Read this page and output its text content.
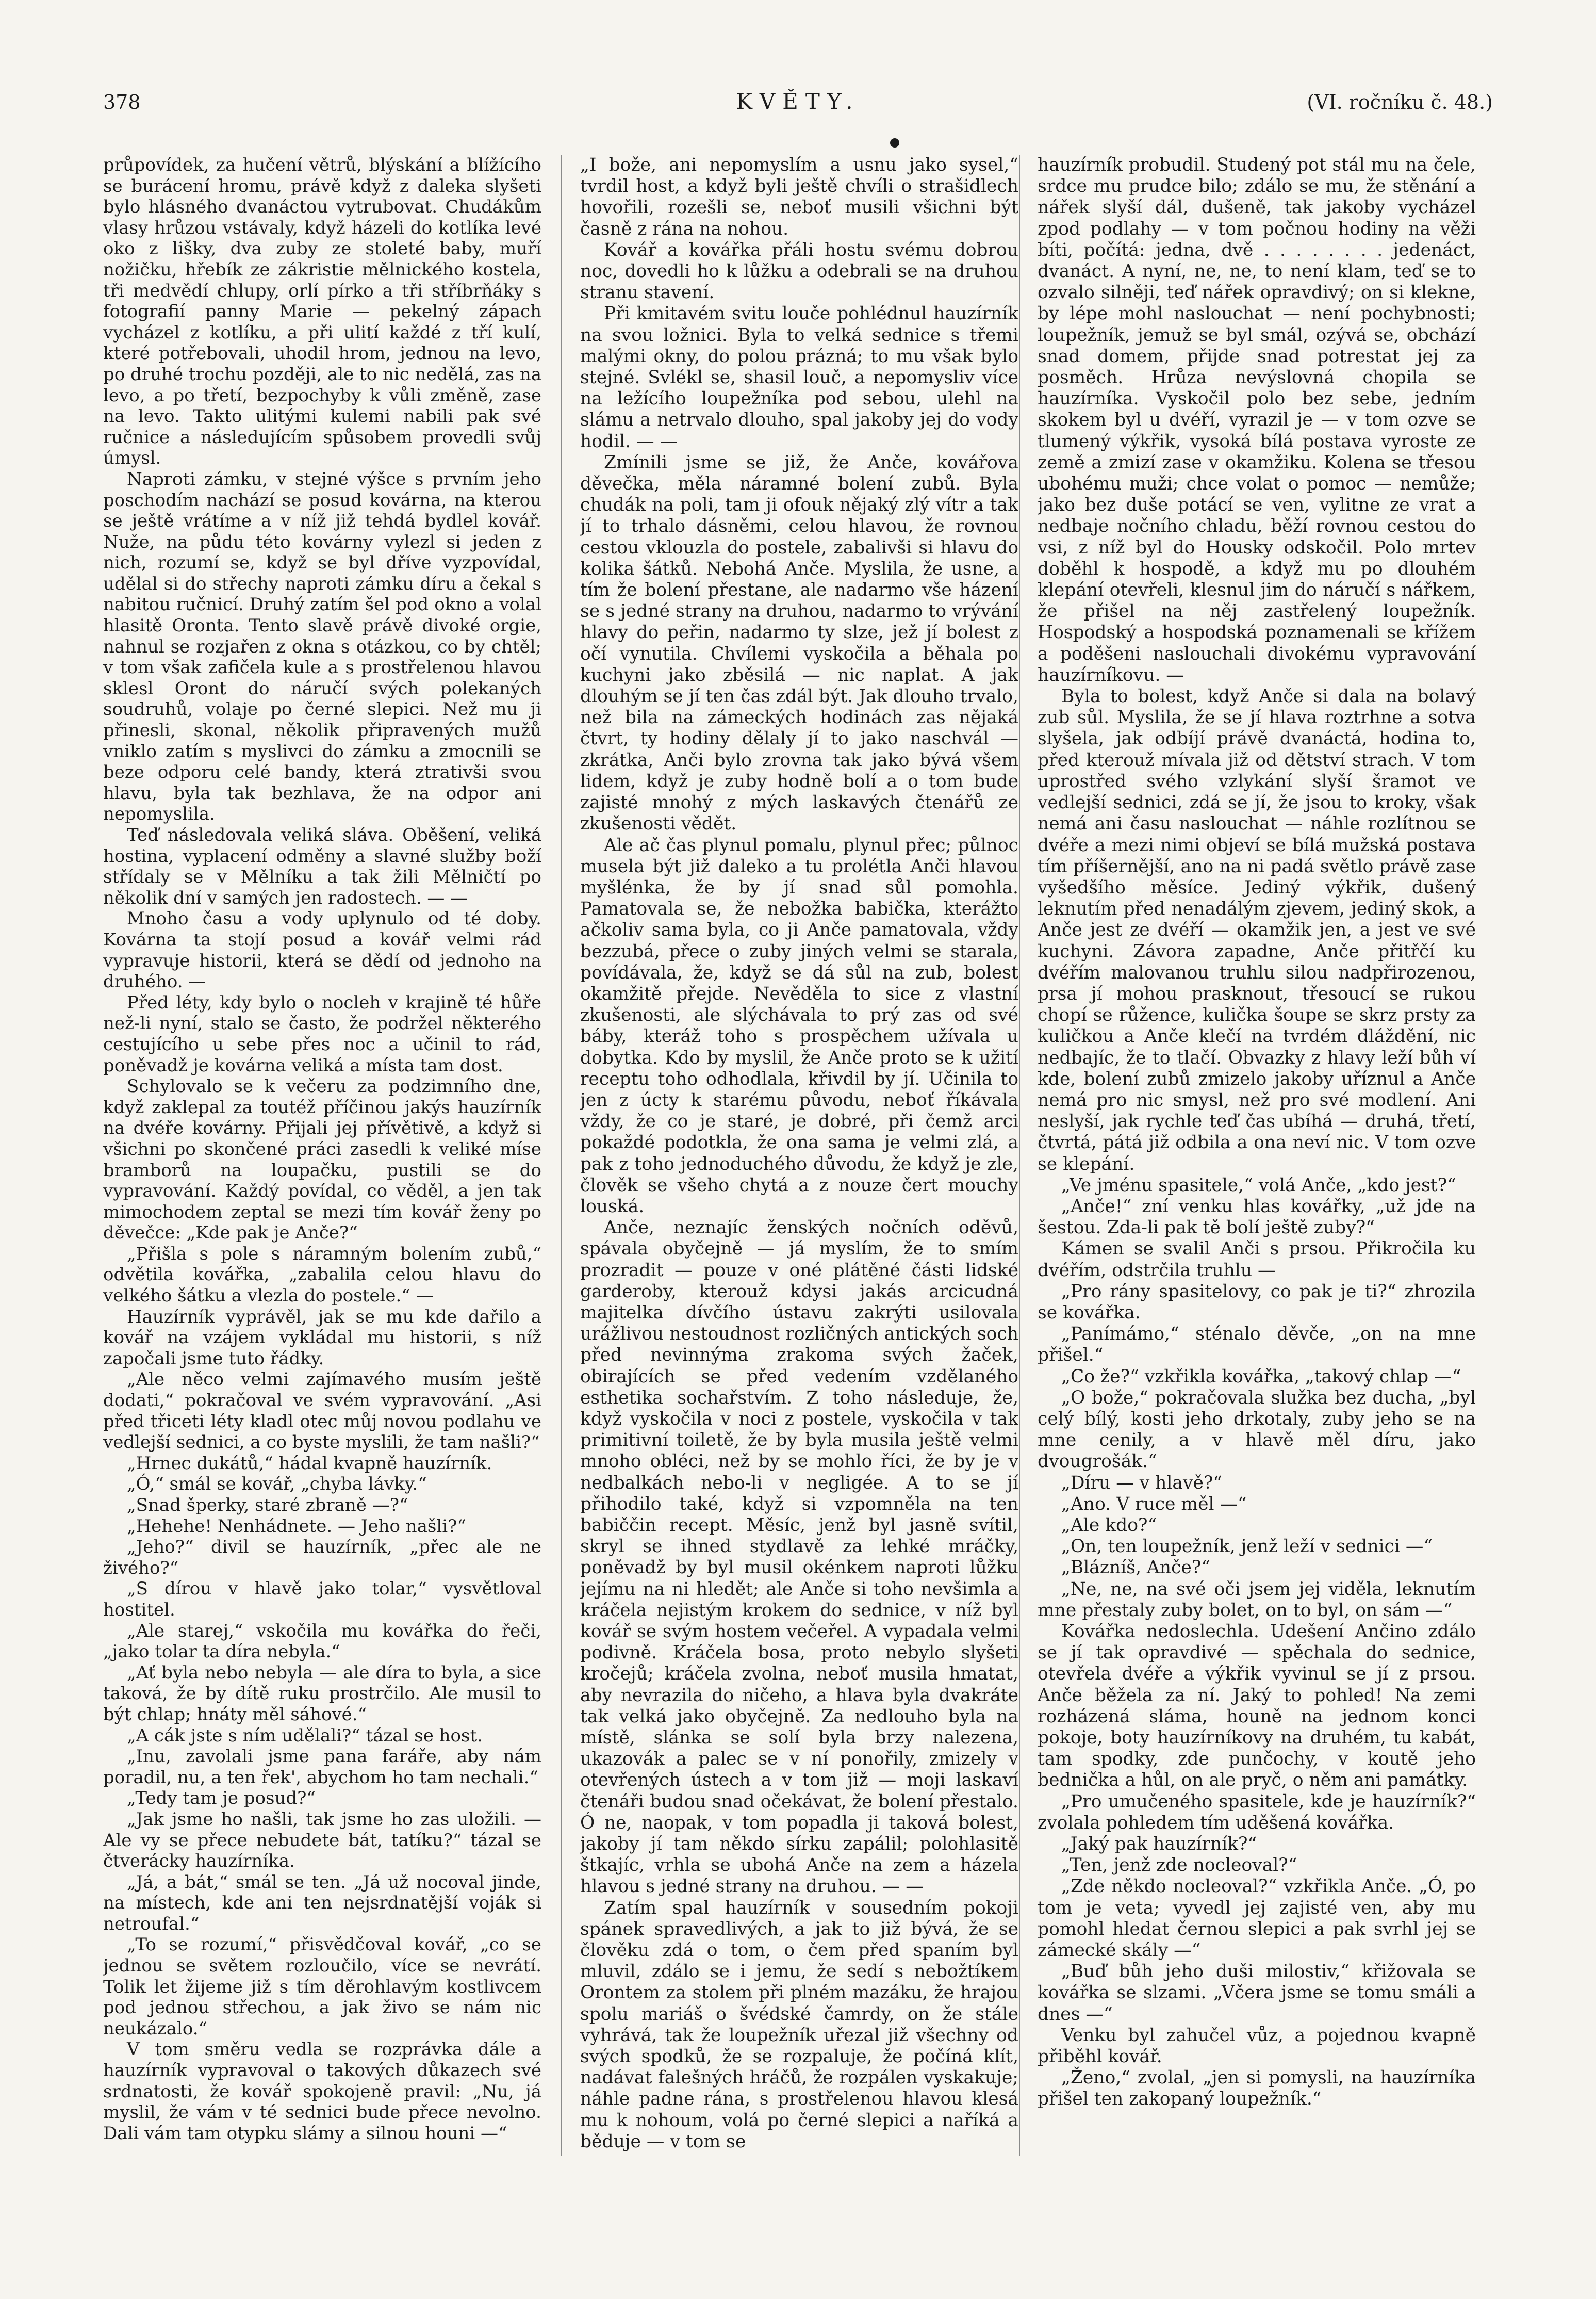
378	KVĚTY.	(VI. ročníku č. 48.)

průpovídek, za hučení větrů, blýskání a blížícího se burácení hromu, právě když z daleka slyšeti bylo hlásného dvanáctou vytrubovat. Chudákům vlasy hrůzou vstávaly, když házeli do kotlíka levé oko z lišky, dva zuby ze stoleté baby, muří nožičku, hřebík ze zákristie mělnického kostela, tři medvědí chlupy, orlí pírko a tři stříbrňáky s fotografií panny Marie — pekelný zápach vycházel z kotlíku, a při ulití každé z tří kulí, které potřebovali, uhodil hrom, jednou na levo, po druhé trochu později, ale to nic nedělá, zas na levo, a po třetí, bezpochyby k vůli změně, zase na levo. Takto ulitými kulemi nabili pak své ručnice a následujícím spůsobem provedli svůj úmysl.

Naproti zámku, v stejné výšce s prvním jeho poschodím nachází se posud kovárna, na kterou se ještě vrátíme a v níž již tehdá bydlel kovář. Nuže, na půdu této kovárny vylezl si jeden z nich, rozumí se, když se byl dříve vyzpovídal, udělal si do střechy naproti zámku díru a čekal s nabitou ručnicí. Druhý zatím šel pod okno a volal hlasitě Oronta. Tento slavě právě divoké orgie, nahnul se rozjařen z okna s otázkou, co by chtěl; v tom však zafičela kule a s prostřelenou hlavou sklesl Oront do náručí svých polekaných soudruhů, volaje po černé slepici. Než mu ji přinesli, skonal, několik připravených mužů vniklo zatím s myslivci do zámku a zmocnili se beze odporu celé bandy, která ztrativši svou hlavu, byla tak bezhlava, že na odpor ani nepomyslila.

Teď následovala veliká sláva. Oběšení, veliká hostina, vyplacení odměny a slavné služby boží střídaly se v Mělníku a tak žili Mělničtí po několik dní v samých jen radostech. — —

Mnoho času a vody uplynulo od té doby. Kovárna ta stojí posud a kovář velmi rád vypravuje historii, která se dědí od jednoho na druhého. —

Před léty, kdy bylo o nocleh v krajině té hůře než-li nyní, stalo se často, že podržel některého cestujícího u sebe přes noc a učinil to rád, poněvadž je kovárna veliká a místa tam dost.

Schylovalo se k večeru za podzimního dne, když zaklepal za toutéž příčinou jakýs hauzírník na dvéře kovárny. Přijali jej přívětivě, a když si všichni po skončené práci zasedli k veliké míse bramborů na loupačku, pustili se do vypravování. Každý povídal, co věděl, a jen tak mimochodem zeptal se mezi tím kovář ženy po děvečce: „Kde pak je Anče?“

„Přišla s pole s náramným bolením zubů,“ odvětila kovářka, „zabalila celou hlavu do velkého šátku a vlezla do postele.“ —

Hauzírník vyprávěl, jak se mu kde dařilo a kovář na vzájem vykládal mu historii, s níž započali jsme tuto řádky.

„Ale něco velmi zajímavého musím ještě dodati,“ pokračoval ve svém vypravování. „Asi před třiceti léty kladl otec můj novou podlahu ve vedlejší sednici, a co byste myslili, že tam našli?“

„Hrnec dukátů,“ hádal kvapně hauzírník.

„Ó,“ smál se kovář, „chyba lávky.“

„Snad šperky, staré zbraně —?“

„Hehehe! Nenhádnete. — Jeho našli?“

„Jeho?“ divil se hauzírník, „přec ale ne živého?“

„S dírou v hlavě jako tolar,“ vysvětloval hostitel.

„Ale starej,“ vskočila mu kovářka do řeči, „jako tolar ta díra nebyla.“

„Ať byla nebo nebyla — ale díra to byla, a sice taková, že by dítě ruku prostrčilo. Ale musil to být chlap; hnáty měl sáhové.“

„A cák jste s ním udělali?“ tázal se host.

„Inu, zavolali jsme pana faráře, aby nám poradil, nu, a ten řek', abychom ho tam nechali.“

„Tedy tam je posud?“

„Jak jsme ho našli, tak jsme ho zas uložili. — Ale vy se přece nebudete bát, tatíku?“ tázal se čtverácky hauzírníka.

„Já, a bát,“ smál se ten. „Já už nocoval jinde, na místech, kde ani ten nejsrdnatější voják si netroufal.“

„To se rozumí,“ přisvědčoval kovář, „co se jednou se světem rozloučilo, více se nevrátí. Tolik let žijeme již s tím děrohlavým kostlivcem pod jednou střechou, a jak živo se nám nic neukázalo.“

V tom směru vedla se rozprávka dále a hauzírník vypravoval o takových důkazech své srdnatosti, že kovář spokojeně pravil: „Nu, já myslil, že vám v té sednici bude přece nevolno. Dali vám tam otypku slámy a silnou houni —“

„I bože, ani nepomyslím a usnu jako sysel,“ tvrdil host, a když byli ještě chvíli o strašidlech hovořili, rozešli se, neboť musili všichni být časně z rána na nohou.

Kovář a kovářka přáli hostu svému dobrou noc, dovedli ho k lůžku a odebrali se na druhou stranu stavení.

Při kmitavém svitu louče pohlédnul hauzírník na svou ložnici. Byla to velká sednice s třemi malými okny, do polou prázná; to mu však bylo stejné. Svlékl se, shasil louč, a nepomysliv více na ležícího loupežníka pod sebou, ulehl na slámu a netrvalo dlouho, spal jakoby jej do vody hodil. — —

Zmínili jsme se již, že Anče, kovářova děvečka, měla náramné bolení zubů. Byla chudák na poli, tam ji ofouk nějaký zlý vítr a tak jí to trhalo dásněmi, celou hlavou, že rovnou cestou vklouzla do postele, zabalivši si hlavu do kolika šátků. Nebohá Anče. Myslila, že usne, a tím že bolení přestane, ale nadarmo vše házení se s jedné strany na druhou, nadarmo to vrývání hlavy do peřin, nadarmo ty slze, jež jí bolest z očí vynutila. Chvílemi vyskočila a běhala po kuchyni jako zběsilá — nic naplat. A jak dlouhým se jí ten čas zdál být. Jak dlouho trvalo, než bila na zámeckých hodinách zas nějaká čtvrt, ty hodiny dělaly jí to jako naschvál — zkrátka, Anči bylo zrovna tak jako bývá všem lidem, když je zuby hodně bolí a o tom bude zajisté mnohý z mých laskavých čtenářů ze zkušenosti vědět.

Ale ač čas plynul pomalu, plynul přec; půlnoc musela být již daleko a tu prolétla Anči hlavou myšlénka, že by jí snad sůl pomohla. Pamatovala se, že nebožka babička, kterážto ačkoliv sama byla, co ji Anče pamatovala, vždy bezzubá, přece o zuby jiných velmi se starala, povídávala, že, když se dá sůl na zub, bolest okamžitě přejde. Nevěděla to sice z vlastní zkušenosti, ale slýchávala to prý zas od své báby, kteráž toho s prospěchem užívala u dobytka. Kdo by myslil, že Anče proto se k užití receptu toho odhodlala, křivdil by jí. Učinila to jen z úcty k starému původu, neboť říkávala vždy, že co je staré, je dobré, při čemž arci pokaždé podotkla, že ona sama je velmi zlá, a pak z toho jednoduchého důvodu, že když je zle, člověk se všeho chytá a z nouze čert mouchy louská.

Anče, neznajíc ženských nočních oděvů, spávala obyčejně — já myslím, že to smím prozradit — pouze v oné plátěné části lidské garderoby, kterouž kdysi jakás arcicudná majitelka dívčího ústavu zakrýti usilovala urážlivou nestoudnost rozličných antických soch před nevinnýma zrakoma svých žaček, obirajících se před vedením vzdělaného esthetika sochařstvím. Z toho následuje, že, když vyskočila v noci z postele, vyskočila v tak primitivní toiletě, že by byla musila ještě velmi mnoho obléci, než by se mohlo říci, že by je v nedbalkách nebo-li v negligée. A to se jí přihodilo také, když si vzpomněla na ten babiččin recept. Měsíc, jenž byl jasně svítil, skryl se ihned stydlavě za lehké mráčky, poněvadž by byl musil okénkem naproti lůžku jejímu na ni hledět; ale Anče si toho nevšimla a kráčela nejistým krokem do sednice, v níž byl kovář se svým hostem večeřel. A vypadala velmi podivně. Kráčela bosa, proto nebylo slyšeti kročejů; kráčela zvolna, neboť musila hmatat, aby nevrazila do ničeho, a hlava byla dvakráte tak velká jako obyčejně. Za nedlouho byla na místě, slánka se solí byla brzy nalezena, ukazovák a palec se v ní ponořily, zmizely v otevřených ústech a v tom již — moji laskaví čtenáři budou snad očekávat, že bolení přestalo. Ó ne, naopak, v tom popadla ji taková bolest, jakoby jí tam někdo sírku zapálil; polohlasitě štkajíc, vrhla se ubohá Anče na zem a házela hlavou s jedné strany na druhou. — —

Zatím spal hauzírník v sousedním pokoji spánek spravedlivých, a jak to již bývá, že se člověku zdá o tom, o čem před spaním byl mluvil, zdálo se i jemu, že sedí s nebožtíkem Orontem za stolem při plném mazáku, že hrajou spolu mariáš o švédské čamrdy, on že stále vyhrává, tak že loupežník uřezal již všechny od svých spodků, že se rozpaluje, že počíná klít, nadávat falešných hráčů, že rozpálen vyskakuje; náhle padne rána, s prostřelenou hlavou klesá mu k nohoum, volá po černé slepici a naříká a běduje — v tom se

hauzírník probudil. Studený pot stál mu na čele, srdce mu prudce bilo; zdálo se mu, že stěnání a nářek slyší dál, dušeně, tak jakoby vycházel zpod podlahy — v tom počnou hodiny na věži bíti, počítá: jedna, dvě . . . . . . . . jedenáct, dvanáct. A nyní, ne, ne, to není klam, teď se to ozvalo silněji, teď nářek opravdivý; on si klekne, by lépe mohl naslouchat — není pochybnosti; loupežník, jemuž se byl smál, ozývá se, obchází snad domem, přijde snad potrestat jej za posměch. Hrůza nevýslovná chopila se hauzírníka. Vyskočil polo bez sebe, jedním skokem byl u dvéří, vyrazil je — v tom ozve se tlumený výkřik, vysoká bílá postava vyroste ze země a zmizí zase v okamžiku. Kolena se třesou ubohému muži; chce volat o pomoc — nemůže; jako bez duše potácí se ven, vylitne ze vrat a nedbaje nočního chladu, běží rovnou cestou do vsi, z níž byl do Housky odskočil. Polo mrtev doběhl k hospodě, a když mu po dlouhém klepání otevřeli, klesnul jim do náručí s nářkem, že přišel na něj zastřelený loupežník. Hospodský a hospodská poznamenali se křížem a poděšeni naslouchali divokému vypravování hauzírníkovu. —

Byla to bolest, když Anče si dala na bolavý zub sůl. Myslila, že se jí hlava roztrhne a sotva slyšela, jak odbíjí právě dvanáctá, hodina to, před kterouž mívala již od dětství strach. V tom uprostřed svého vzlykání slyší šramot ve vedlejší sednici, zdá se jí, že jsou to kroky, však nemá ani času naslouchat — náhle rozlítnou se dvéře a mezi nimi objeví se bílá mužská postava tím příšernější, ano na ni padá světlo právě zase vyšedšího měsíce. Jediný výkřik, dušený leknutím před nenadálým zjevem, jediný skok, a Anče jest ze dvéří — okamžik jen, a jest ve své kuchyni. Závora zapadne, Anče přitřčí ku dvéřím malovanou truhlu silou nadpřirozenou, prsa jí mohou prasknout, třesoucí se rukou chopí se růžence, kulička šoupe se skrz prsty za kuličkou a Anče klečí na tvrdém dláždění, nic nedbajíc, že to tlačí. Obvazky z hlavy leží bůh ví kde, bolení zubů zmizelo jakoby uříznul a Anče nemá pro nic smysl, než pro své modlení. Ani neslyší, jak rychle teď čas ubíhá — druhá, třetí, čtvrtá, pátá již odbila a ona neví nic. V tom ozve se klepání.

„Ve jménu spasitele,“ volá Anče, „kdo jest?“

„Anče!“ zní venku hlas kovářky, „už jde na šestou. Zda-li pak tě bolí ještě zuby?“

Kámen se svalil Anči s prsou. Přikročila ku dvéřím, odstrčila truhlu —

„Pro rány spasitelovy, co pak je ti?“ zhrozila se kovářka.

„Panímámo,“ sténalo děvče, „on na mne přišel.“

„Co že?“ vzkřikla kovářka, „takový chlap —“

„O bože,“ pokračovala služka bez ducha, „byl celý bílý, kosti jeho drkotaly, zuby jeho se na mne cenily, a v hlavě měl díru, jako dvougrošák.“

„Díru — v hlavě?“

„Ano. V ruce měl —“

„Ale kdo?“

„On, ten loupežník, jenž leží v sednici —“

„Blázníš, Anče?“

„Ne, ne, na své oči jsem jej viděla, leknutím mne přestaly zuby bolet, on to byl, on sám —“

Kovářka nedoslechla. Udešení Ančino zdálo se jí tak opravdivé — spěchala do sednice, otevřela dvéře a výkřik vyvinul se jí z prsou. Anče běžela za ní. Jaký to pohled! Na zemi rozházená sláma, houně na jednom konci pokoje, boty hauzírníkovy na druhém, tu kabát, tam spodky, zde punčochy, v koutě jeho bednička a hůl, on ale pryč, o něm ani památky.

„Pro umučeného spasitele, kde je hauzírník?“ zvolala pohledem tím uděšená kovářka.

„Jaký pak hauzírník?“

„Ten, jenž zde nocleoval?“

„Zde někdo nocleoval?“ vzkřikla Anče. „Ó, po tom je veta; vyvedl jej zajisté ven, aby mu pomohl hledat černou slepici a pak svrhl jej se zámecké skály —“

„Buď bůh jeho duši milostiv,“ křižovala se kovářka se slzami. „Včera jsme se tomu smáli a dnes —“

Venku byl zahučel vůz, a pojednou kvapně přiběhl kovář.

„Ženo,“ zvolal, „jen si pomysli, na hauzírníka přišel ten zakopaný loupežník.“
